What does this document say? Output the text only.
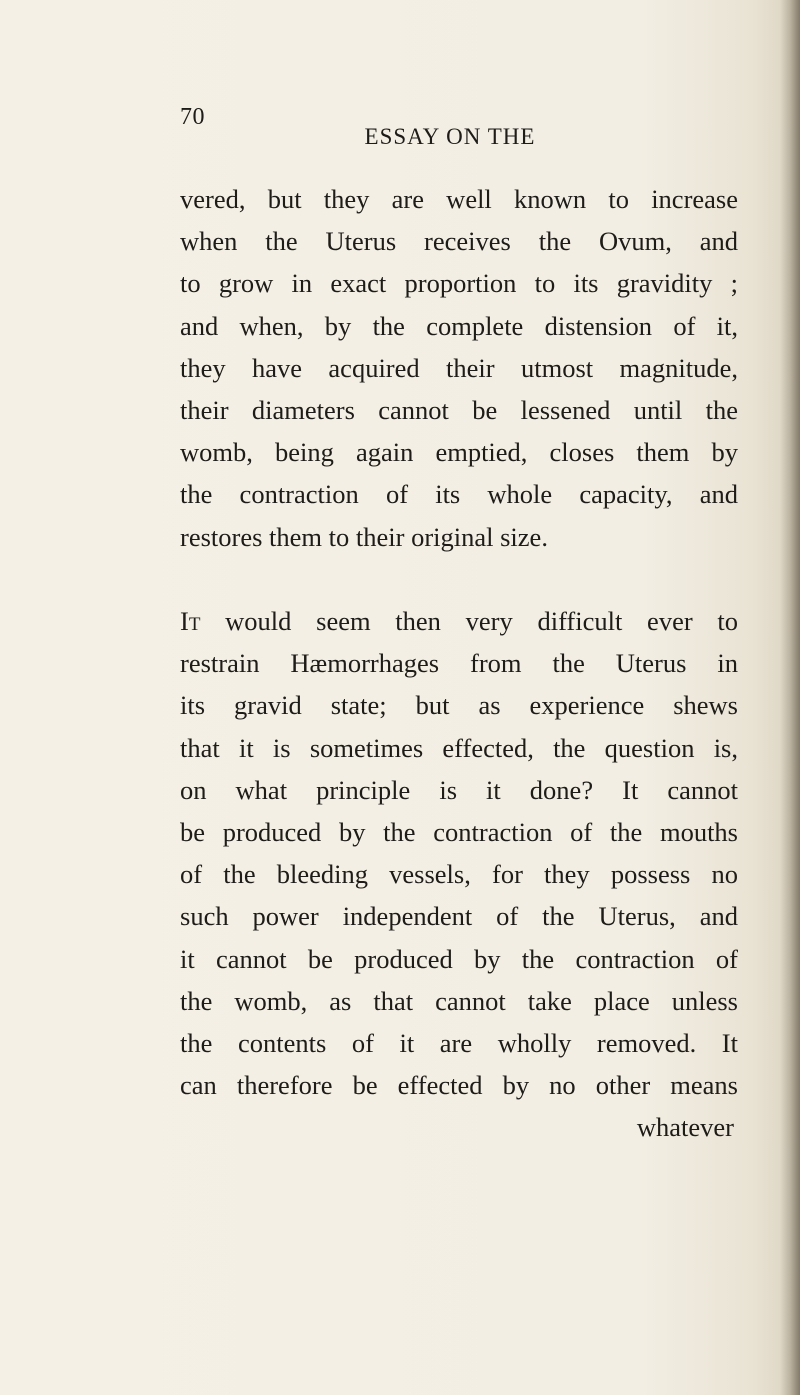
70
ESSAY ON THE
vered, but they are well known to increase
when the Uterus receives the Ovum, and
to grow in exact proportion to its gravidity ;
and when, by the complete distension of it,
they have acquired their utmost magnitude,
their diameters cannot be lessened until the
womb, being again emptied, closes them by
the contraction of its whole capacity, and
restores them to their original size.
It would seem then very difficult ever to
restrain Hæmorrhages from the Uterus in
its gravid state; but as experience shews
that it is sometimes effected, the question is,
on what principle is it done? It cannot
be produced by the contraction of the mouths
of the bleeding vessels, for they possess no
such power independent of the Uterus, and
it cannot be produced by the contraction of
the womb, as that cannot take place unless
the contents of it are wholly removed. It
can therefore be effected by no other means
whatever
